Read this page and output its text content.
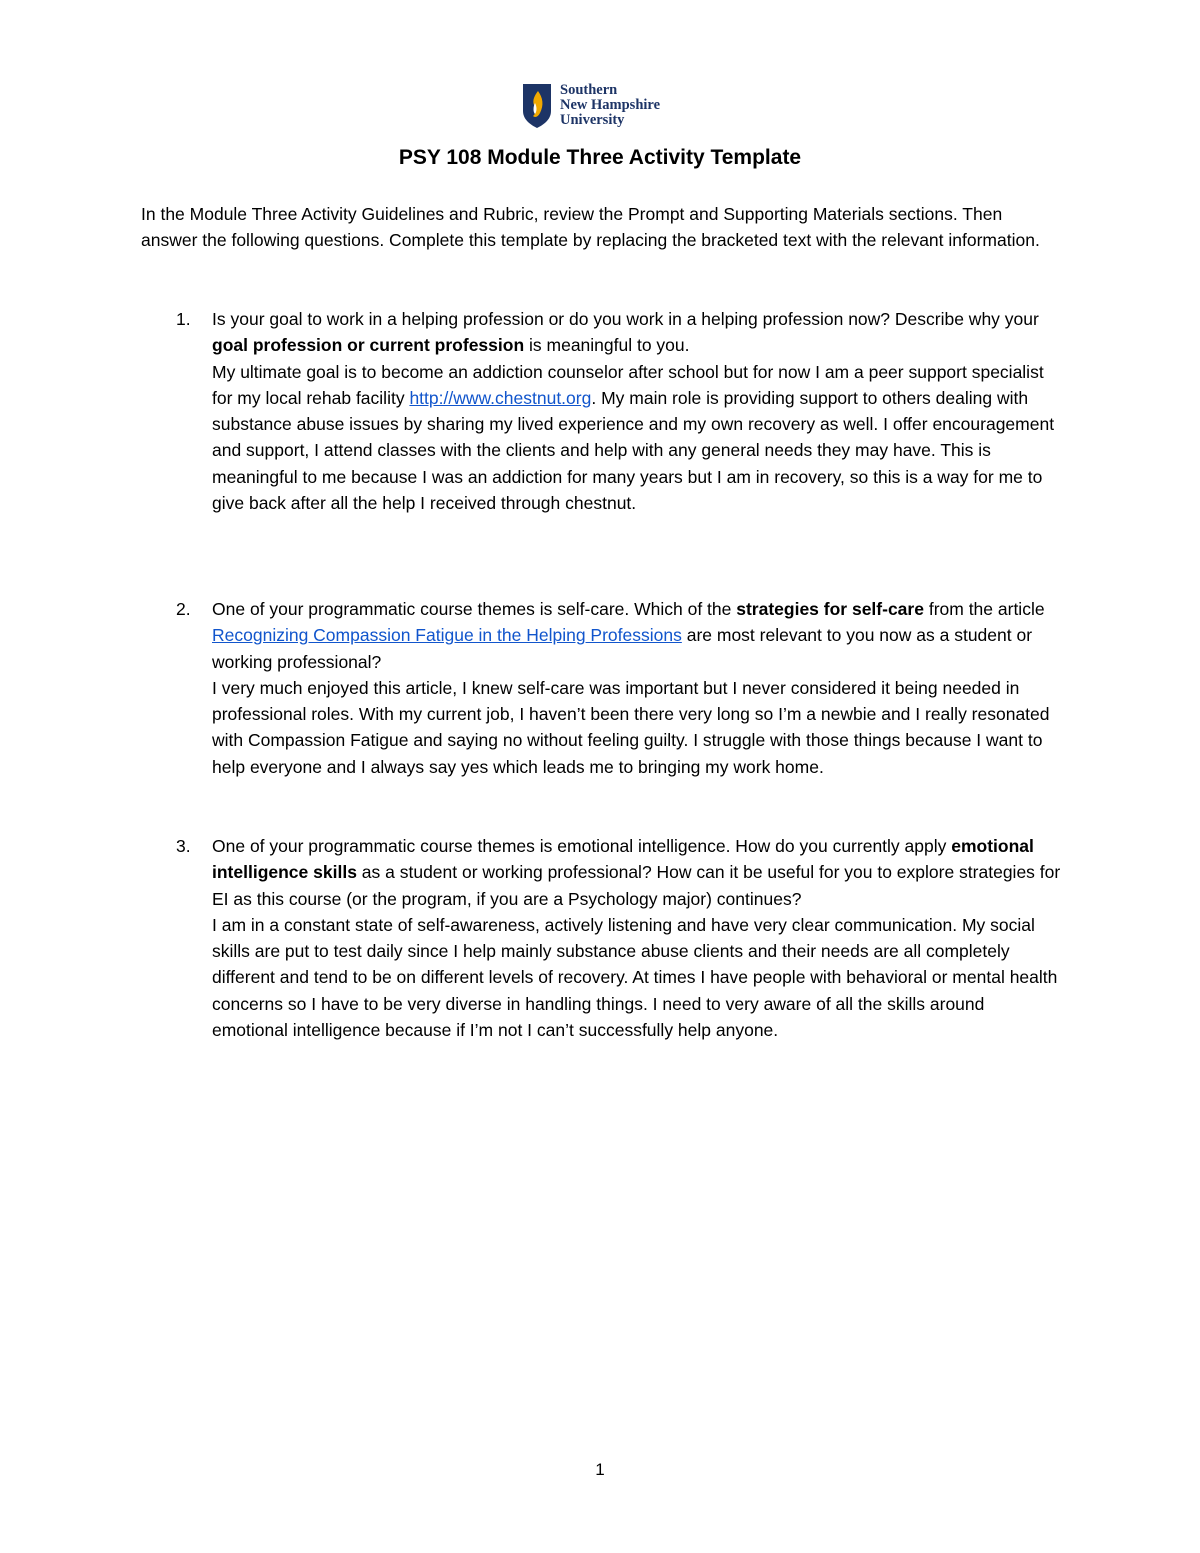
Southern
New Hampshire
University
PSY 108 Module Three Activity Template

In the Module Three Activity Guidelines and Rubric, review the Prompt and Supporting Materials sections. Then answer the following questions. Complete this template by replacing the bracketed text with the relevant information.

1. Is your goal to work in a helping profession or do you work in a helping profession now? Describe why your goal profession or current profession is meaningful to you.

My ultimate goal is to become an addiction counselor after school but for now I am a peer support specialist for my local rehab facility http://www.chestnut.org. My main role is providing support to others dealing with substance abuse issues by sharing my lived experience and my own recovery as well. I offer encouragement and support, I attend classes with the clients and help with any general needs they may have. This is meaningful to me because I was an addiction for many years but I am in recovery, so this is a way for me to give back after all the help I received through chestnut.

2. One of your programmatic course themes is self-care. Which of the strategies for self-care from the article Recognizing Compassion Fatigue in the Helping Professions are most relevant to you now as a student or working professional?

I very much enjoyed this article, I knew self-care was important but I never considered it being needed in professional roles. With my current job, I haven’t been there very long so I’m a newbie and I really resonated with Compassion Fatigue and saying no without feeling guilty. I struggle with those things because I want to help everyone and I always say yes which leads me to bringing my work home.

3. One of your programmatic course themes is emotional intelligence. How do you currently apply emotional intelligence skills as a student or working professional? How can it be useful for you to explore strategies for EI as this course (or the program, if you are a Psychology major) continues?

I am in a constant state of self-awareness, actively listening and have very clear communication. My social skills are put to test daily since I help mainly substance abuse clients and their needs are all completely different and tend to be on different levels of recovery. At times I have people with behavioral or mental health concerns so I have to be very diverse in handling things. I need to very aware of all the skills around emotional intelligence because if I’m not I can’t successfully help anyone.

1
